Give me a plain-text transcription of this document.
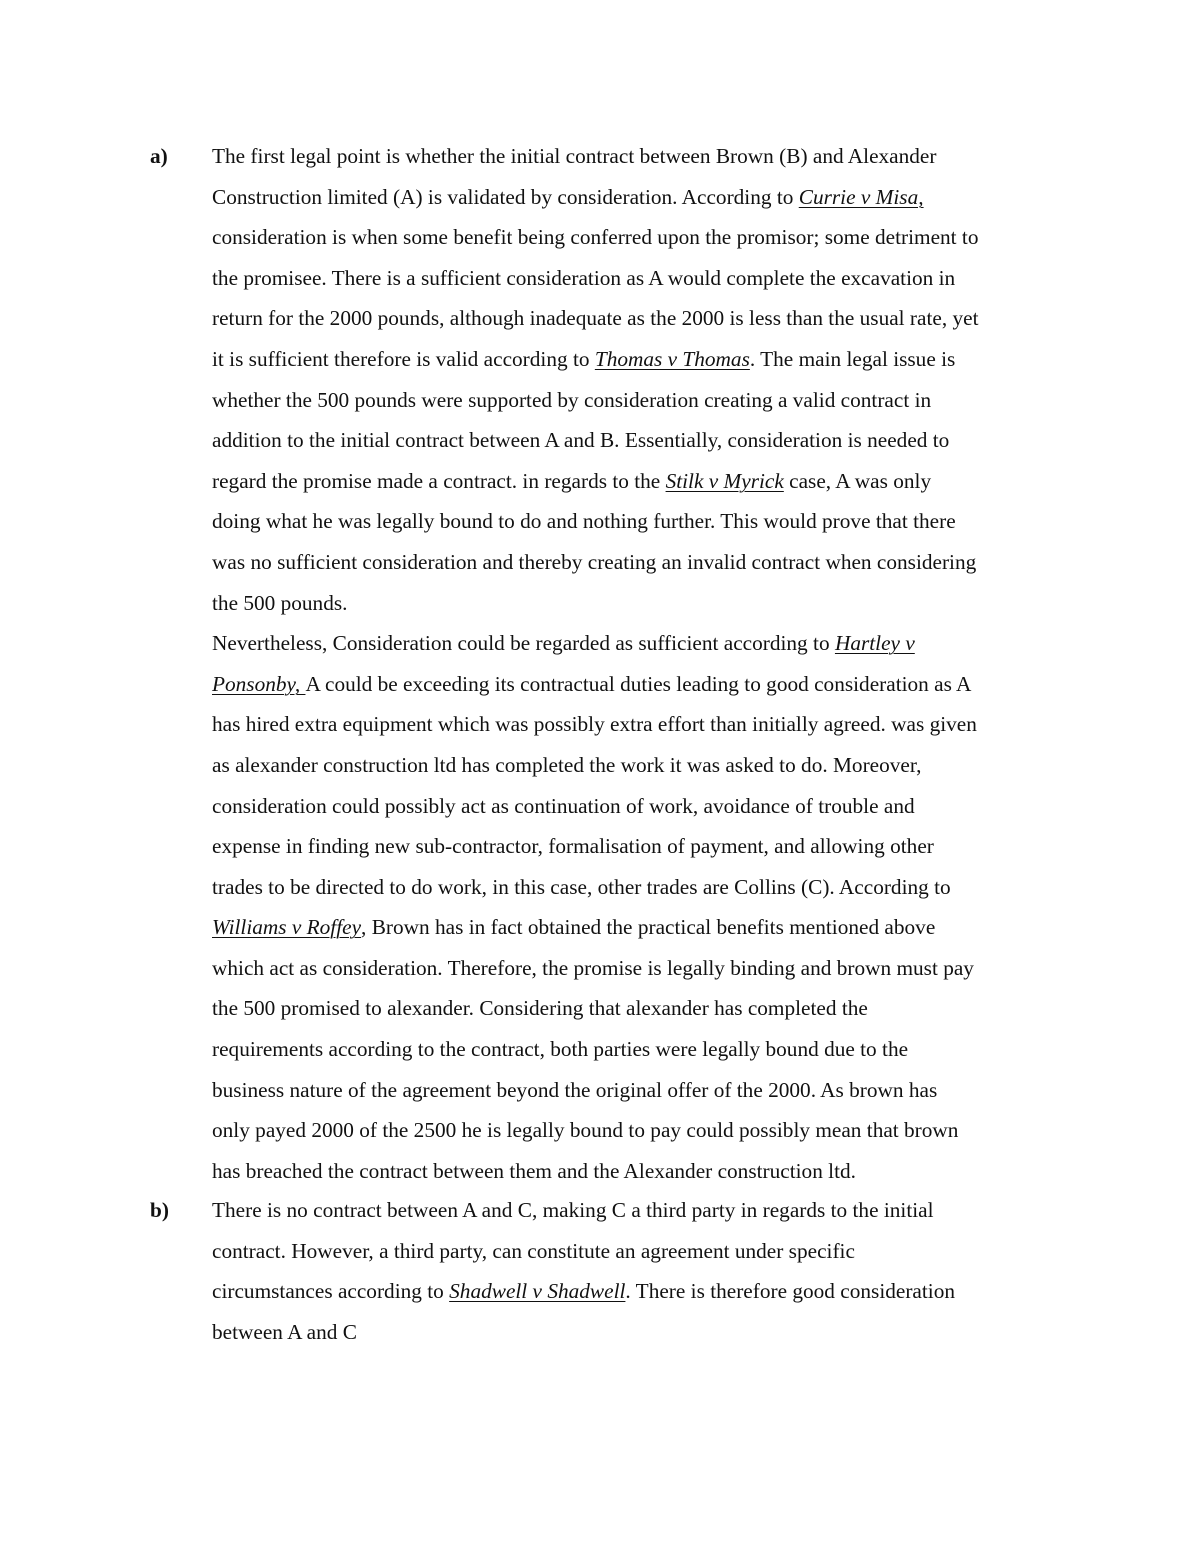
a)	The first legal point is whether the initial contract between Brown (B) and Alexander
Construction limited (A) is validated by consideration. According to Currie v Misa,
consideration is when some benefit being conferred upon the promisor; some detriment to
the promisee. There is a sufficient consideration as A would complete the excavation in
return for the 2000 pounds, although inadequate as the 2000 is less than the usual rate, yet
it is sufficient therefore is valid according to Thomas v Thomas. The main legal issue is
whether the 500 pounds were supported by consideration creating a valid contract in
addition to the initial contract between A and B. Essentially, consideration is needed to
regard the promise made a contract. in regards to the Stilk v Myrick case, A was only
doing what he was legally bound to do and nothing further. This would prove that there
was no sufficient consideration and thereby creating an invalid contract when considering
the 500 pounds.

Nevertheless, Consideration could be regarded as sufficient according to Hartley v
Ponsonby, A could be exceeding its contractual duties leading to good consideration as A
has hired extra equipment which was possibly extra effort than initially agreed. was given
as alexander construction ltd has completed the work it was asked to do. Moreover,
consideration could possibly act as continuation of work, avoidance of trouble and
expense in finding new sub-contractor, formalisation of payment, and allowing other
trades to be directed to do work, in this case, other trades are Collins (C). According to
Williams v Roffey, Brown has in fact obtained the practical benefits mentioned above
which act as consideration. Therefore, the promise is legally binding and brown must pay
the 500 promised to alexander. Considering that alexander has completed the
requirements according to the contract, both parties were legally bound due to the
business nature of the agreement beyond the original offer of the 2000. As brown has
only payed 2000 of the 2500 he is legally bound to pay could possibly mean that brown
has breached the contract between them and the Alexander construction ltd.

b)	There is no contract between A and C, making C a third party in regards to the initial
contract. However, a third party, can constitute an agreement under specific
circumstances according to Shadwell v Shadwell. There is therefore good consideration
between A and C
